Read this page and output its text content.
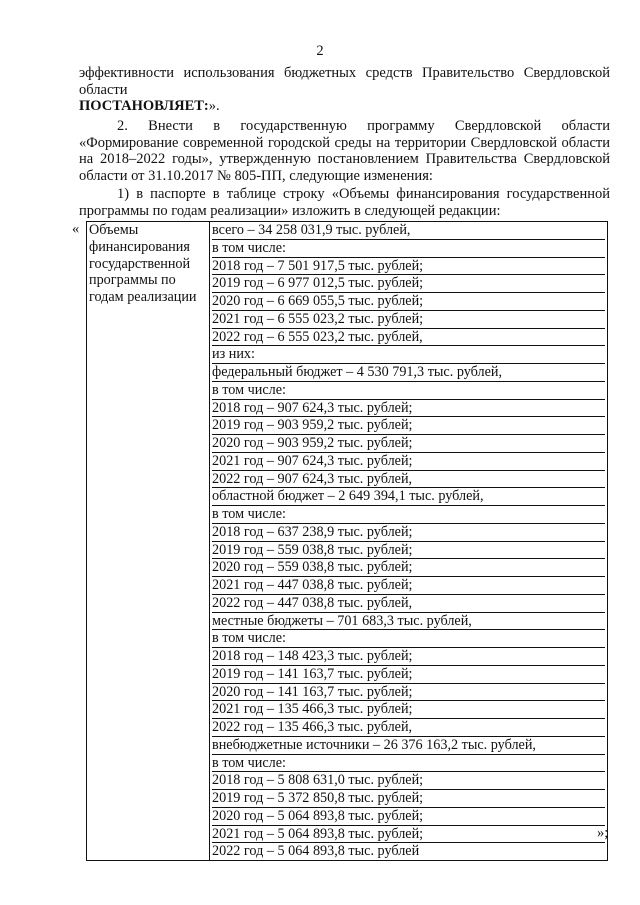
2
эффективности использования бюджетных средств Правительство Свердловской области
ПОСТАНОВЛЯЕТ:».
2. Внести в государственную программу Свердловской области «Формирование современной городской среды на территории Свердловской области на 2018–2022 годы», утвержденную постановлением Правительства Свердловской области от 31.10.2017 № 805-ПП, следующие изменения:
1) в паспорте в таблице строку «Объемы финансирования государственной программы по годам реализации» изложить в следующей редакции:
« Объемы финансирования государственной программы по годам реализации	
всего – 34 258 031,9 тыс. рублей,
в том числе:
2018 год – 7 501 917,5 тыс. рублей;
2019 год – 6 977 012,5 тыс. рублей;
2020 год – 6 669 055,5 тыс. рублей;
2021 год – 6 555 023,2 тыс. рублей;
2022 год – 6 555 023,2 тыс. рублей,
из них:
федеральный бюджет – 4 530 791,3 тыс. рублей,
в том числе:
2018 год – 907 624,3 тыс. рублей;
2019 год – 903 959,2 тыс. рублей;
2020 год – 903 959,2 тыс. рублей;
2021 год – 907 624,3 тыс. рублей;
2022 год – 907 624,3 тыс. рублей,
областной бюджет – 2 649 394,1 тыс. рублей,
в том числе:
2018 год – 637 238,9 тыс. рублей;
2019 год – 559 038,8 тыс. рублей;
2020 год – 559 038,8 тыс. рублей;
2021 год – 447 038,8 тыс. рублей;
2022 год – 447 038,8 тыс. рублей,
местные бюджеты – 701 683,3 тыс. рублей,
в том числе:
2018 год – 148 423,3 тыс. рублей;
2019 год – 141 163,7 тыс. рублей;
2020 год – 141 163,7 тыс. рублей;
2021 год – 135 466,3 тыс. рублей;
2022 год – 135 466,3 тыс. рублей,
внебюджетные источники – 26 376 163,2 тыс. рублей,
в том числе:
2018 год – 5 808 631,0 тыс. рублей;
2019 год – 5 372 850,8 тыс. рублей;
2020 год – 5 064 893,8 тыс. рублей;
2021 год – 5 064 893,8 тыс. рублей;
2022 год – 5 064 893,8 тыс. рублей
»;
